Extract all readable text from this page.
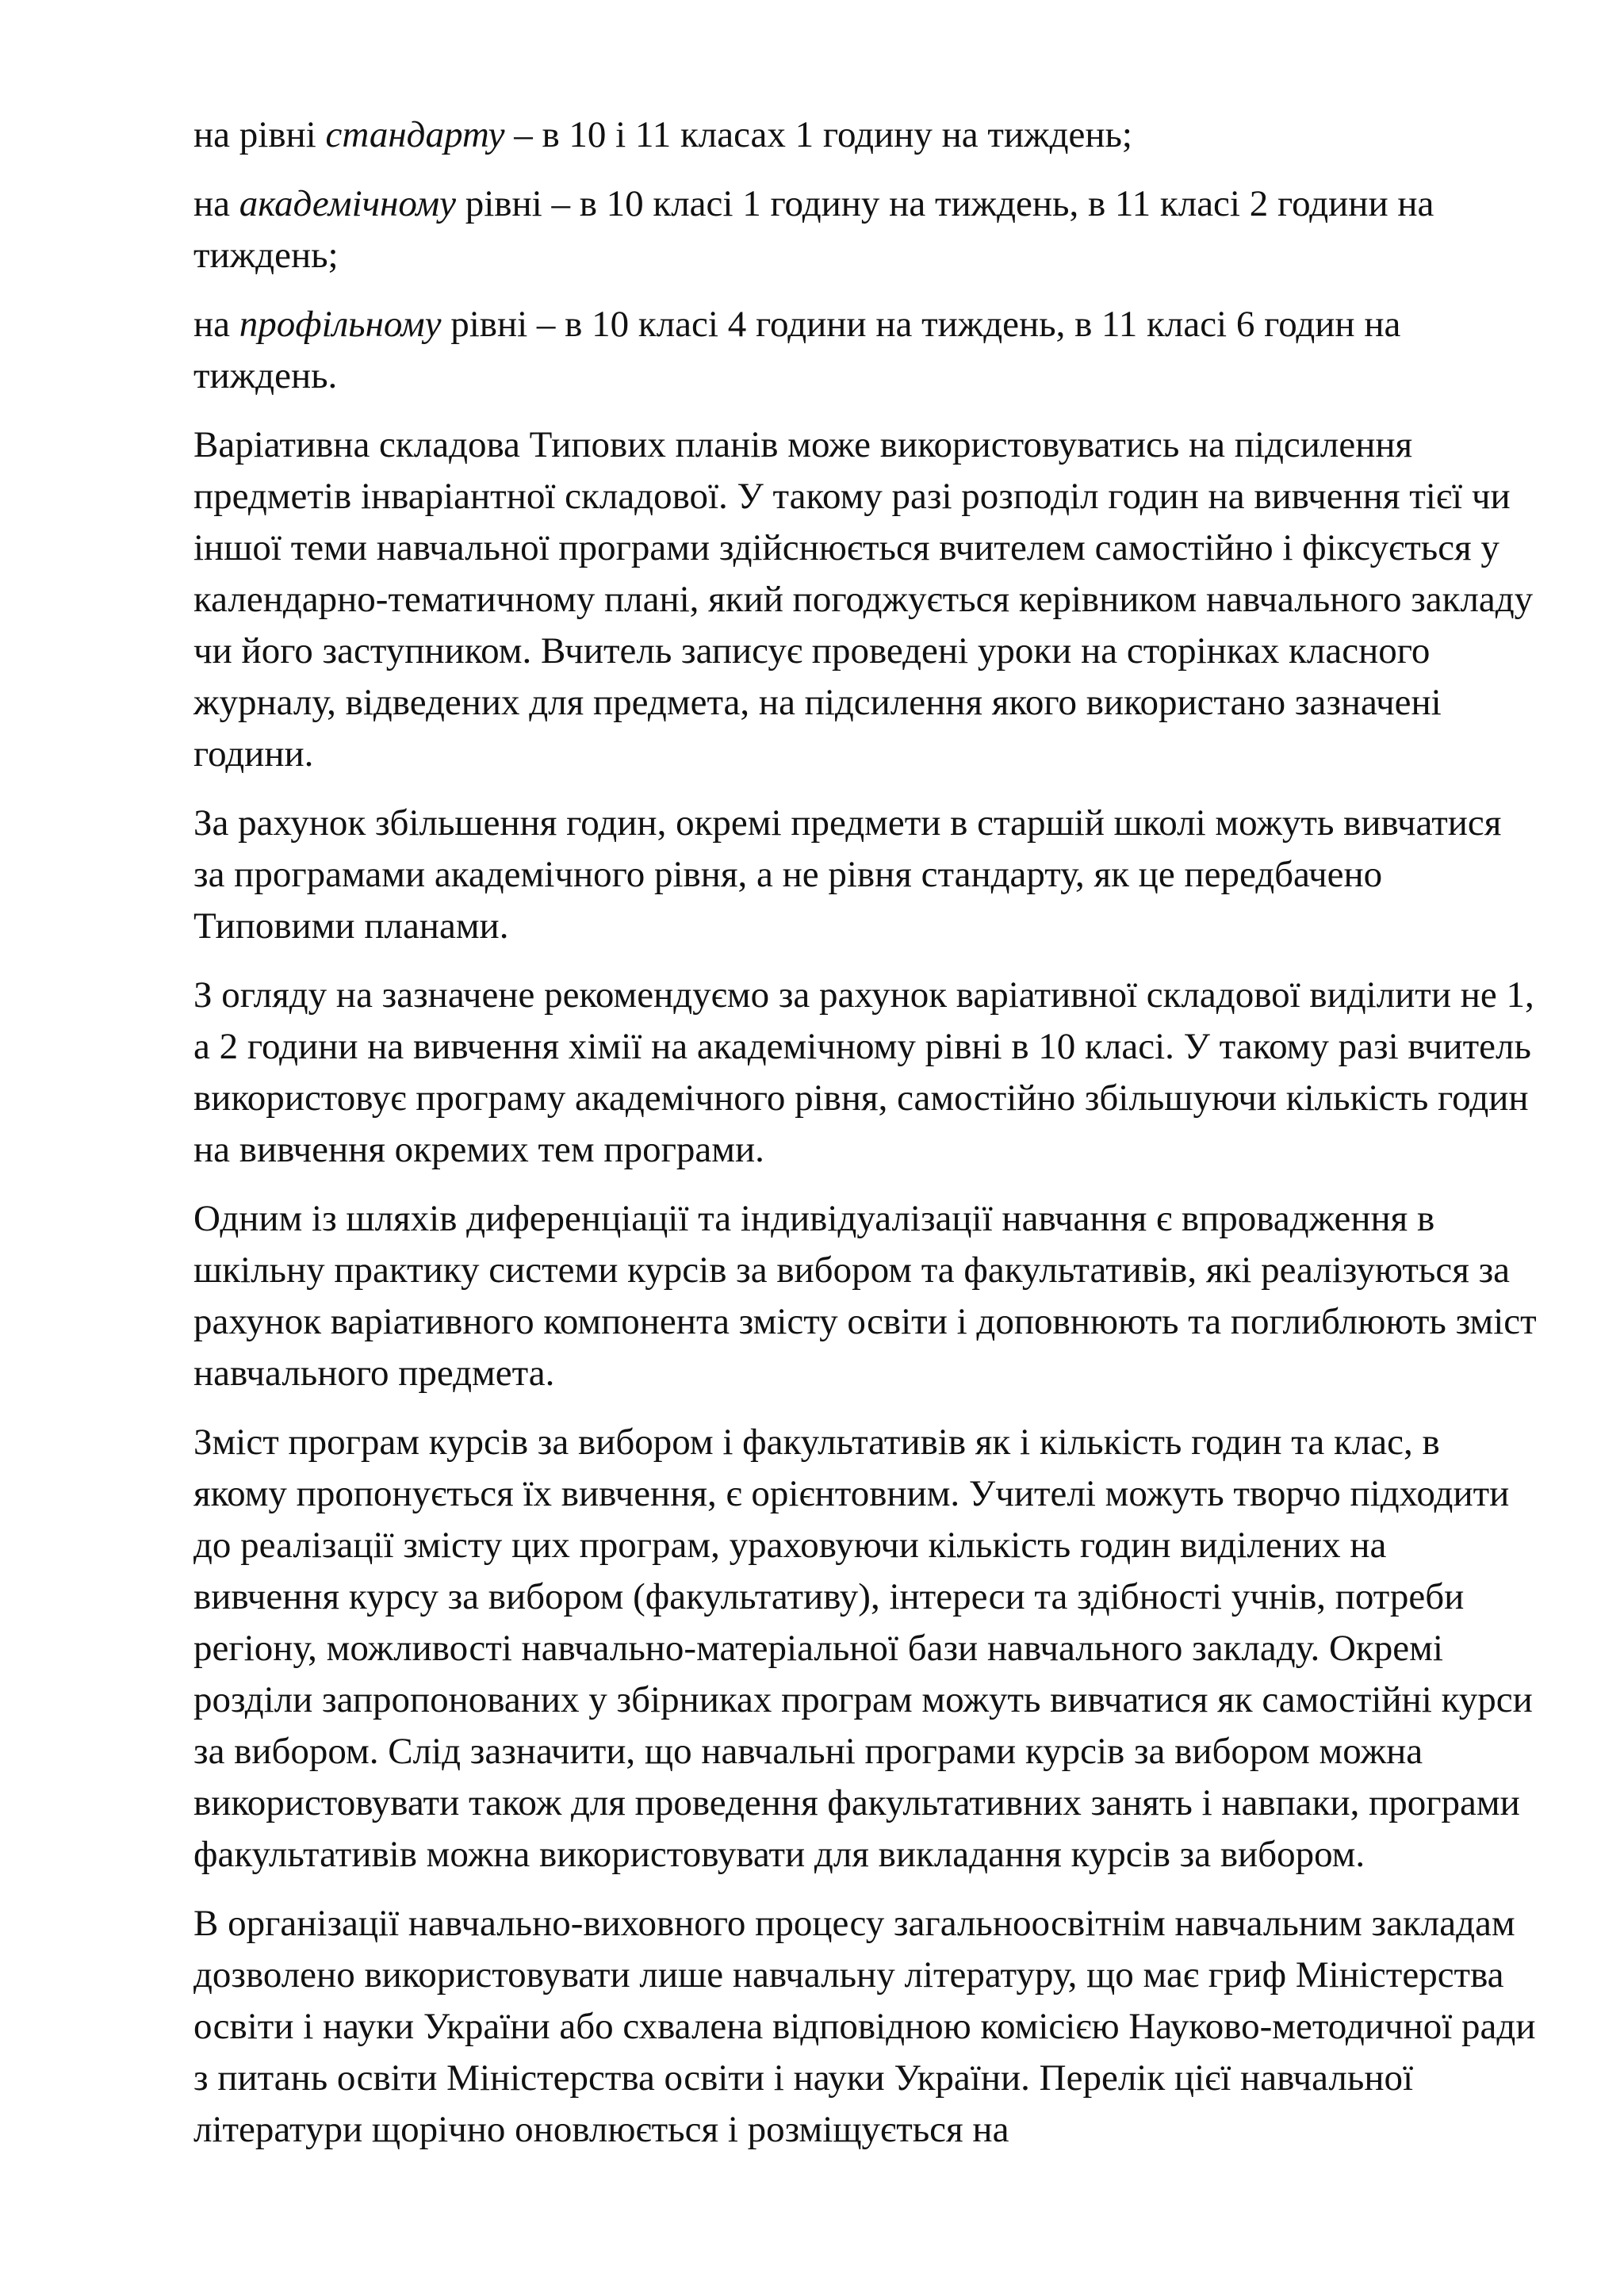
на рівні стандарту – в 10 і 11 класах 1 годину на тиждень;

на академічному рівні – в 10 класі 1 годину на тиждень, в 11 класі 2 години на тиждень;

на профільному рівні – в 10 класі 4 години на тиждень, в 11 класі 6 годин на тиждень.

Варіативна складова Типових планів може використовуватись на підсилення предметів інваріантної складової. У такому разі розподіл годин на вивчення тієї чи іншої теми навчальної програми здійснюється вчителем самостійно і фіксується у календарно-тематичному плані, який погоджується керівником навчального закладу чи його заступником. Вчитель записує проведені уроки на сторінках класного журналу, відведених для предмета, на підсилення якого використано зазначені години.

За рахунок збільшення годин, окремі предмети в старшій школі можуть вивчатися за програмами академічного рівня, а не рівня стандарту, як це передбачено Типовими планами.

З огляду на зазначене рекомендуємо за рахунок варіативної складової виділити не 1, а 2 години на вивчення хімії на академічному рівні в 10 класі. У такому разі вчитель використовує програму академічного рівня, самостійно збільшуючи кількість годин на вивчення окремих тем програми.

Одним із шляхів диференціації та індивідуалізації навчання є впровадження в шкільну практику системи курсів за вибором та факультативів, які реалізуються за рахунок варіативного компонента змісту освіти і доповнюють та поглиблюють зміст навчального предмета.

Зміст програм курсів за вибором і факультативів як і кількість годин та клас, в якому пропонується їх вивчення, є орієнтовним. Учителі можуть творчо підходити до реалізації змісту цих програм, ураховуючи кількість годин виділених на вивчення курсу за вибором (факультативу), інтереси та здібності учнів, потреби регіону, можливості навчально-матеріальної бази навчального закладу. Окремі розділи запропонованих у збірниках програм можуть вивчатися як самостійні курси за вибором. Слід зазначити, що навчальні програми курсів за вибором можна використовувати також для проведення факультативних занять і навпаки, програми факультативів можна використовувати для викладання курсів за вибором.

В організації навчально-виховного процесу загальноосвітнім навчальним закладам дозволено використовувати лише навчальну літературу, що має гриф Міністерства освіти і науки України або схвалена відповідною комісією Науково-методичної ради з питань освіти Міністерства освіти і науки України. Перелік цієї навчальної літератури щорічно оновлюється і розміщується на
